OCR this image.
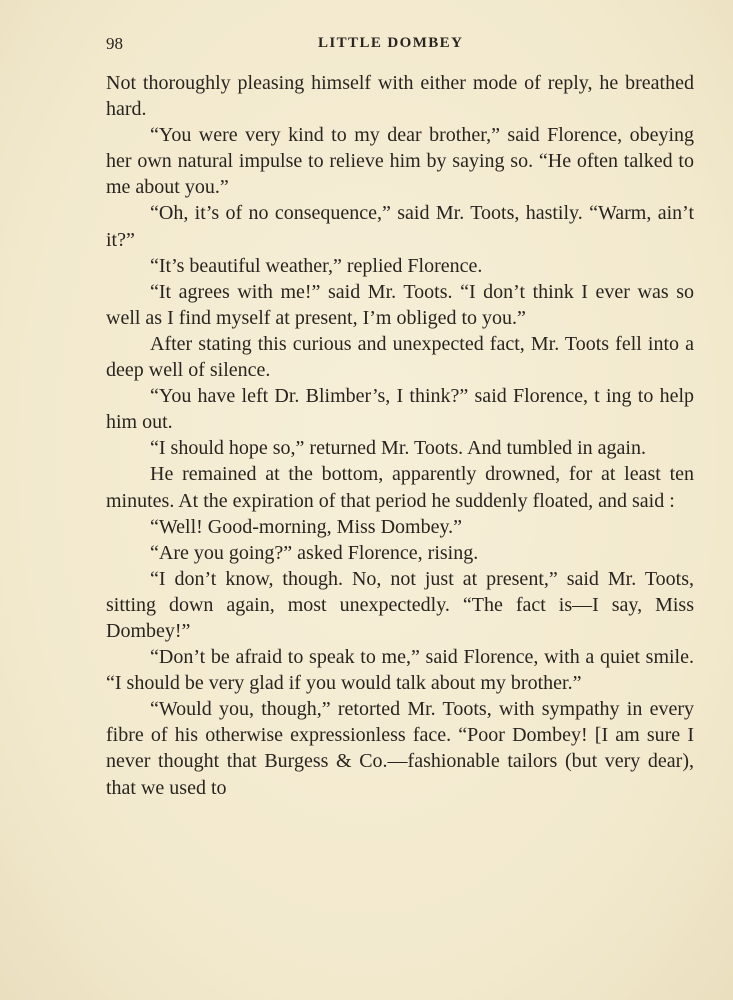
98	LITTLE DOMBEY

Not thoroughly pleasing himself with either mode of reply, he breathed hard.

“You were very kind to my dear brother,” said Florence, obeying her own natural impulse to relieve him by saying so. “He often talked to me about you.”

“Oh, it’s of no consequence,” said Mr. Toots, hastily. “Warm, ain’t it?”

“It’s beautiful weather,” replied Florence.

“It agrees with me!” said Mr. Toots. “I don’t think I ever was so well as I find myself at present, I’m obliged to you.”

After stating this curious and unexpected fact, Mr. Toots fell into a deep well of silence.

“You have left Dr. Blimber’s, I think?” said Florence, t ing to help him out.

“I should hope so,” returned Mr. Toots. And tumbled in again.

He remained at the bottom, apparently drowned, for at least ten minutes. At the expiration of that period he suddenly floated, and said :

“Well! Good-morning, Miss Dombey.”

“Are you going?” asked Florence, rising.

“I don’t know, though. No, not just at present,” said Mr. Toots, sitting down again, most unexpectedly. “The fact is—I say, Miss Dombey!”

“Don’t be afraid to speak to me,” said Florence, with a quiet smile. “I should be very glad if you would talk about my brother.”

“Would you, though,” retorted Mr. Toots, with sympathy in every fibre of his otherwise expressionless face. “Poor Dombey! [I am sure I never thought that Burgess & Co.—fashionable tailors (but very dear), that we used to
